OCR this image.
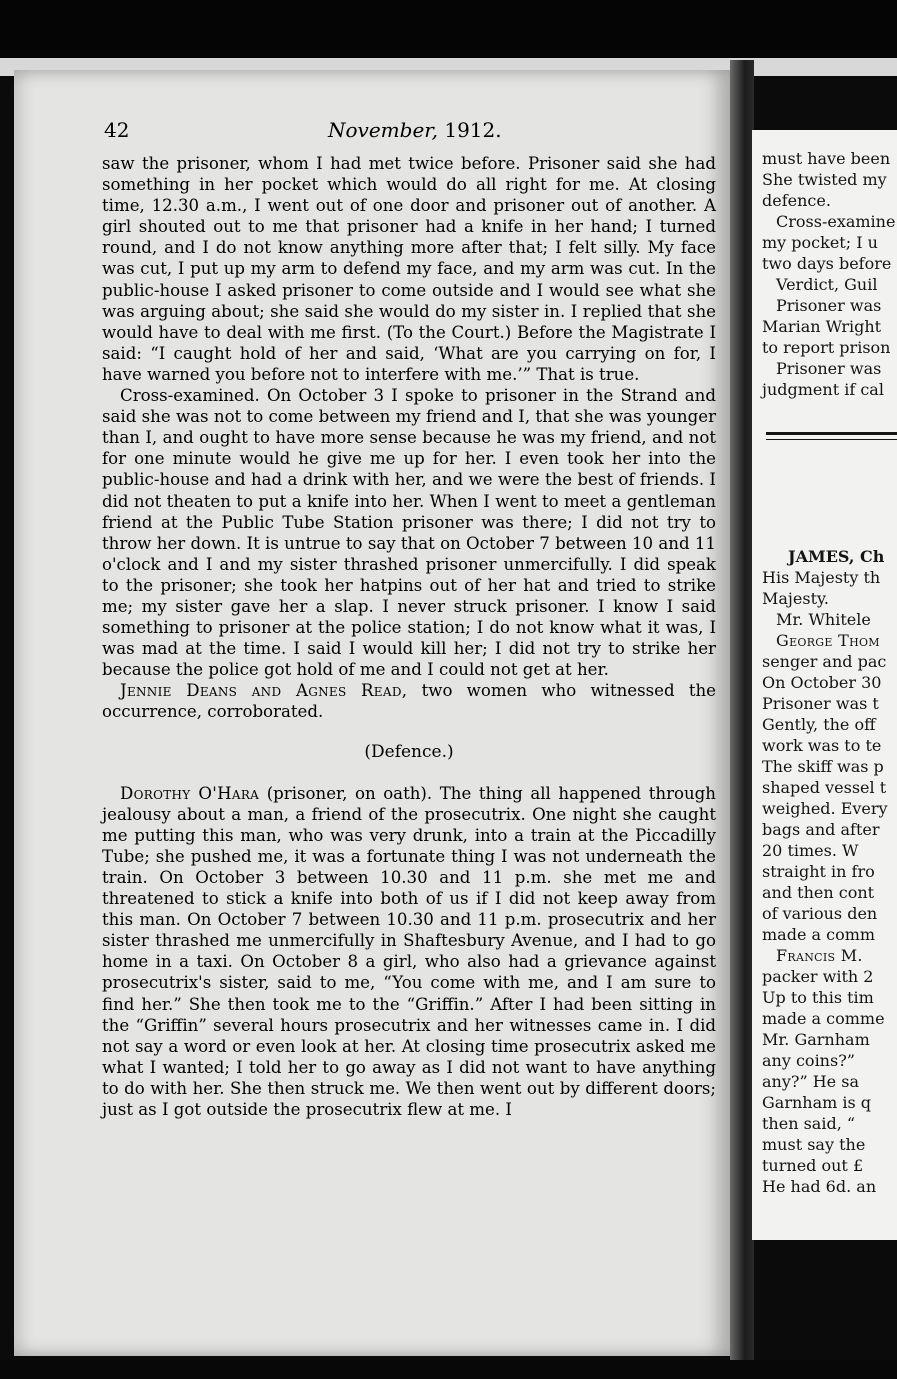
42	November, 1912.

saw the prisoner, whom I had met twice before. Prisoner said she had something in her pocket which would do all right for me. At closing time, 12.30 a.m., I went out of one door and prisoner out of another. A girl shouted out to me that prisoner had a knife in her hand; I turned round, and I do not know anything more after that; I felt silly. My face was cut, I put up my arm to defend my face, and my arm was cut. In the public-house I asked prisoner to come outside and I would see what she was arguing about; she said she would do my sister in. I replied that she would have to deal with me first. (To the Court.) Before the Magistrate I said: “I caught hold of her and said, ‘What are you carrying on for, I have warned you before not to interfere with me.’” That is true.

Cross-examined. On October 3 I spoke to prisoner in the Strand and said she was not to come between my friend and I, that she was younger than I, and ought to have more sense because he was my friend, and not for one minute would he give me up for her. I even took her into the public-house and had a drink with her, and we were the best of friends. I did not theaten to put a knife into her. When I went to meet a gentleman friend at the Public Tube Station prisoner was there; I did not try to throw her down. It is untrue to say that on October 7 between 10 and 11 o'clock and I and my sister thrashed prisoner unmercifully. I did speak to the prisoner; she took her hatpins out of her hat and tried to strike me; my sister gave her a slap. I never struck prisoner. I know I said something to prisoner at the police station; I do not know what it was, I was mad at the time. I said I would kill her; I did not try to strike her because the police got hold of me and I could not get at her.

Jennie Deans and Agnes Read, two women who witnessed the occurrence, corroborated.

(Defence.)

Dorothy O'Hara (prisoner, on oath). The thing all happened through jealousy about a man, a friend of the prosecutrix. One night she caught me putting this man, who was very drunk, into a train at the Piccadilly Tube; she pushed me, it was a fortunate thing I was not underneath the train. On October 3 between 10.30 and 11 p.m. she met me and threatened to stick a knife into both of us if I did not keep away from this man. On October 7 between 10.30 and 11 p.m. prosecutrix and her sister thrashed me unmercifully in Shaftesbury Avenue, and I had to go home in a taxi. On October 8 a girl, who also had a grievance against prosecutrix's sister, said to me, “You come with me, and I am sure to find her.” She then took me to the “Griffin.” After I had been sitting in the “Griffin” several hours prosecutrix and her witnesses came in. I did not say a word or even look at her. At closing time prosecutrix asked me what I wanted; I told her to go away as I did not want to have anything to do with her. She then struck me. We then went out by different doors; just as I got outside the prosecutrix flew at me. I

must have been
She twisted my
defence.
Cross-examine
my pocket; I u
two days before
Verdict, Guil
Prisoner was
Marian Wright
to report prison
Prisoner was
judgment if cal
JAMES, Ch
His Majesty th
Majesty.
Mr. Whitele
George Thom
senger and pac
On October 30
Prisoner was t
Gently, the off
work was to te
The skiff was p
shaped vessel t
weighed. Every
bags and after
20 times. W
straight in fro
and then cont
of various den
made a comm
Francis M.
packer with 2
Up to this tim
made a comme
Mr. Garnham
any coins?”
any?” He sa
Garnham is q
then said, “
must say the
turned out £
He had 6d. an
